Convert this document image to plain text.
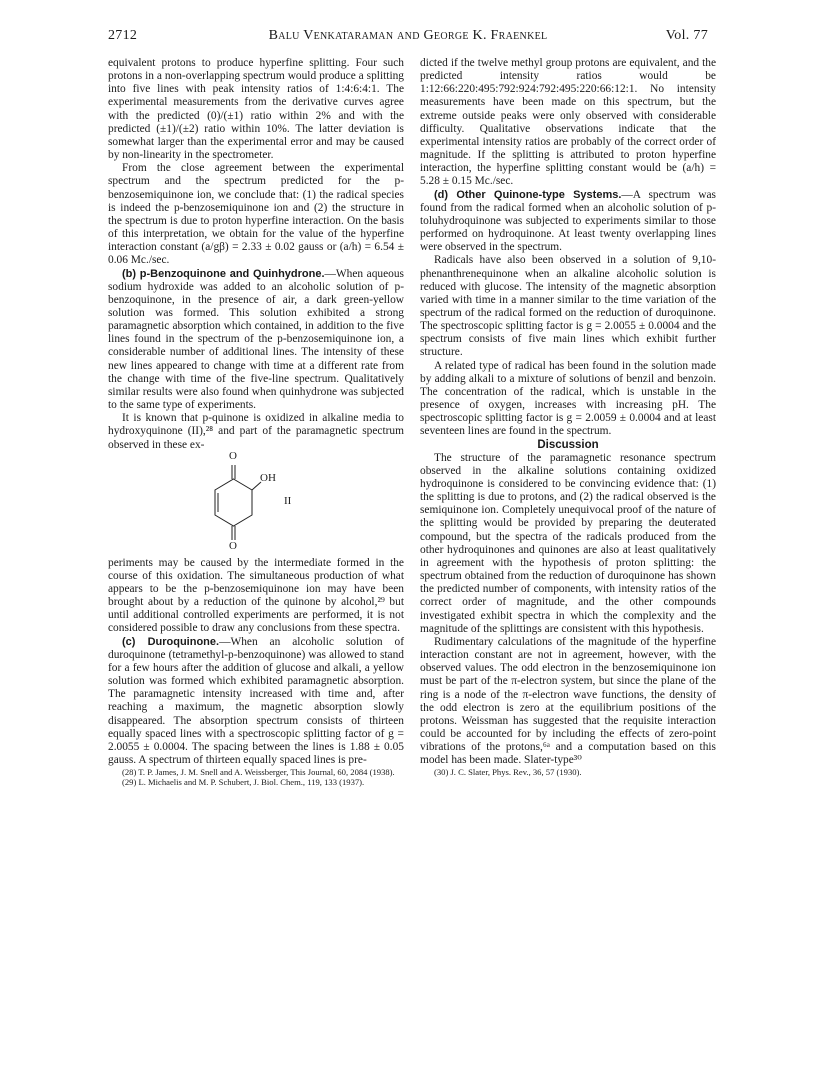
2712	Balu Venkataraman and George K. Fraenkel	Vol. 77

equivalent protons to produce hyperfine splitting. Four such protons in a non-overlapping spectrum would produce a splitting into five lines with peak intensity ratios of 1:4:6:4:1. The experimental measurements from the derivative curves agree with the predicted (0)/(±1) ratio within 2% and with the predicted (±1)/(±2) ratio within 10%. The latter deviation is somewhat larger than the experimental error and may be caused by non-linearity in the spectrometer.

From the close agreement between the experimental spectrum and the spectrum predicted for the p-benzosemiquinone ion, we conclude that: (1) the radical species is indeed the p-benzosemiquinone ion and (2) the structure in the spectrum is due to proton hyperfine interaction. On the basis of this interpretation, we obtain for the value of the hyperfine interaction constant (a/gβ) = 2.33 ± 0.02 gauss or (a/h) = 6.54 ± 0.06 Mc./sec.

(b) p-Benzoquinone and Quinhydrone.—When aqueous sodium hydroxide was added to an alcoholic solution of p-benzoquinone, in the presence of air, a dark green-yellow solution was formed. This solution exhibited a strong paramagnetic absorption which contained, in addition to the five lines found in the spectrum of the p-benzosemiquinone ion, a considerable number of additional lines. The intensity of these new lines appeared to change with time at a different rate from the change with time of the five-line spectrum. Qualitatively similar results were also found when quinhydrone was subjected to the same type of experiments.

It is known that p-quinone is oxidized in alkaline media to hydroxyquinone (II),²⁸ and part of the paramagnetic spectrum observed in these ex-

O
OH
O
II

periments may be caused by the intermediate formed in the course of this oxidation. The simultaneous production of what appears to be the p-benzosemiquinone ion may have been brought about by a reduction of the quinone by alcohol,²⁹ but until additional controlled experiments are performed, it is not considered possible to draw any conclusions from these spectra.

(c) Duroquinone.—When an alcoholic solution of duroquinone (tetramethyl-p-benzoquinone) was allowed to stand for a few hours after the addition of glucose and alkali, a yellow solution was formed which exhibited paramagnetic absorption. The paramagnetic intensity increased with time and, after reaching a maximum, the magnetic absorption slowly disappeared. The absorption spectrum consists of thirteen equally spaced lines with a spectroscopic splitting factor of g = 2.0055 ± 0.0004. The spacing between the lines is 1.88 ± 0.05 gauss. A spectrum of thirteen equally spaced lines is pre-

(28) T. P. James, J. M. Snell and A. Weissberger, This Journal, 60, 2084 (1938).

(29) L. Michaelis and M. P. Schubert, J. Biol. Chem., 119, 133 (1937).

dicted if the twelve methyl group protons are equivalent, and the predicted intensity ratios would be 1:12:66:220:495:792:924:792:495:220:66:12:1. No intensity measurements have been made on this spectrum, but the extreme outside peaks were only observed with considerable difficulty. Qualitative observations indicate that the experimental intensity ratios are probably of the correct order of magnitude. If the splitting is attributed to proton hyperfine interaction, the hyperfine splitting constant would be (a/h) = 5.28 ± 0.15 Mc./sec.

(d) Other Quinone-type Systems.—A spectrum was found from the radical formed when an alcoholic solution of p-toluhydroquinone was subjected to experiments similar to those performed on hydroquinone. At least twenty overlapping lines were observed in the spectrum.

Radicals have also been observed in a solution of 9,10-phenanthrenequinone when an alkaline alcoholic solution is reduced with glucose. The intensity of the magnetic absorption varied with time in a manner similar to the time variation of the spectrum of the radical formed on the reduction of duroquinone. The spectroscopic splitting factor is g = 2.0055 ± 0.0004 and the spectrum consists of five main lines which exhibit further structure.

A related type of radical has been found in the solution made by adding alkali to a mixture of solutions of benzil and benzoin. The concentration of the radical, which is unstable in the presence of oxygen, increases with increasing pH. The spectroscopic splitting factor is g = 2.0059 ± 0.0004 and at least seventeen lines are found in the spectrum.

Discussion

The structure of the paramagnetic resonance spectrum observed in the alkaline solutions containing oxidized hydroquinone is considered to be convincing evidence that: (1) the splitting is due to protons, and (2) the radical observed is the semiquinone ion. Completely unequivocal proof of the nature of the splitting would be provided by preparing the deuterated compound, but the spectra of the radicals produced from the other hydroquinones and quinones are also at least qualitatively in agreement with the hypothesis of proton splitting: the spectrum obtained from the reduction of duroquinone has shown the predicted number of components, with intensity ratios of the correct order of magnitude, and the other compounds investigated exhibit spectra in which the complexity and the magnitude of the splittings are consistent with this hypothesis.

Rudimentary calculations of the magnitude of the hyperfine interaction constant are not in agreement, however, with the observed values. The odd electron in the benzosemiquinone ion must be part of the π-electron system, but since the plane of the ring is a node of the π-electron wave functions, the density of the odd electron is zero at the equilibrium positions of the protons. Weissman has suggested that the requisite interaction could be accounted for by including the effects of zero-point vibrations of the protons,⁶ᵃ and a computation based on this model has been made. Slater-type³⁰

(30) J. C. Slater, Phys. Rev., 36, 57 (1930).
